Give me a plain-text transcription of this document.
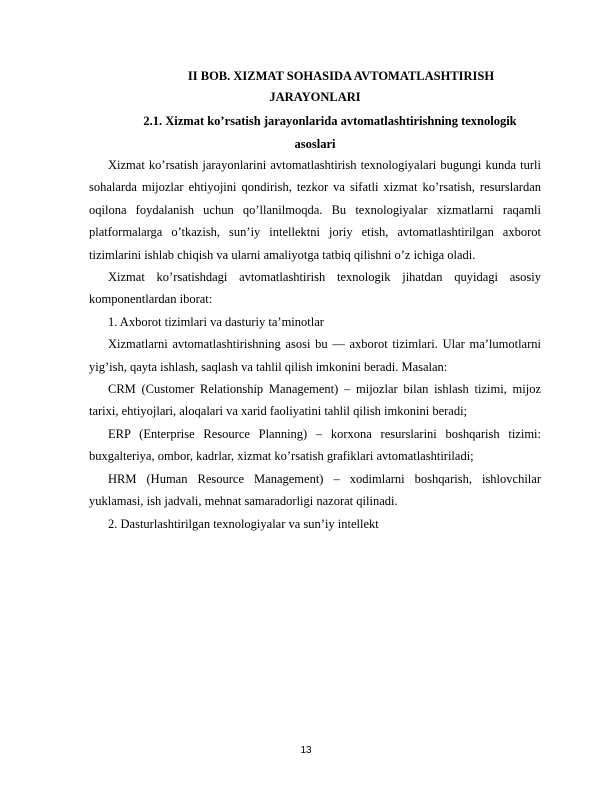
II BOB. XIZMAT SOHASIDA AVTOMATLASHTIRISH

JARAYONLARI

2.1. Xizmat ko’rsatish jarayonlarida avtomatlashtirishning texnologik

asoslari

Xizmat ko’rsatish jarayonlarini avtomatlashtirish texnologiyalari bugungi kunda turli sohalarda mijozlar ehtiyojini qondirish, tezkor va sifatli xizmat ko’rsatish, resurslardan oqilona foydalanish uchun qo’llanilmoqda. Bu texnologiyalar xizmatlarni raqamli platformalarga o’tkazish, sun’iy intellektni joriy etish, avtomatlashtirilgan axborot tizimlarini ishlab chiqish va ularni amaliyotga tatbiq qilishni o’z ichiga oladi.

Xizmat ko’rsatishdagi avtomatlashtirish texnologik jihatdan quyidagi asosiy komponentlardan iborat:

1. Axborot tizimlari va dasturiy ta’minotlar

Xizmatlarni avtomatlashtirishning asosi bu — axborot tizimlari. Ular ma’lumotlarni yig’ish, qayta ishlash, saqlash va tahlil qilish imkonini beradi. Masalan:

CRM (Customer Relationship Management) – mijozlar bilan ishlash tizimi, mijoz tarixi, ehtiyojlari, aloqalari va xarid faoliyatini tahlil qilish imkonini beradi;

ERP (Enterprise Resource Planning) – korxona resurslarini boshqarish tizimi: buxgalteriya, ombor, kadrlar, xizmat ko’rsatish grafiklari avtomatlashtiriladi;

HRM (Human Resource Management) – xodimlarni boshqarish, ishlovchilar yuklamasi, ish jadvali, mehnat samaradorligi nazorat qilinadi.

2. Dasturlashtirilgan texnologiyalar va sun’iy intellekt

13
